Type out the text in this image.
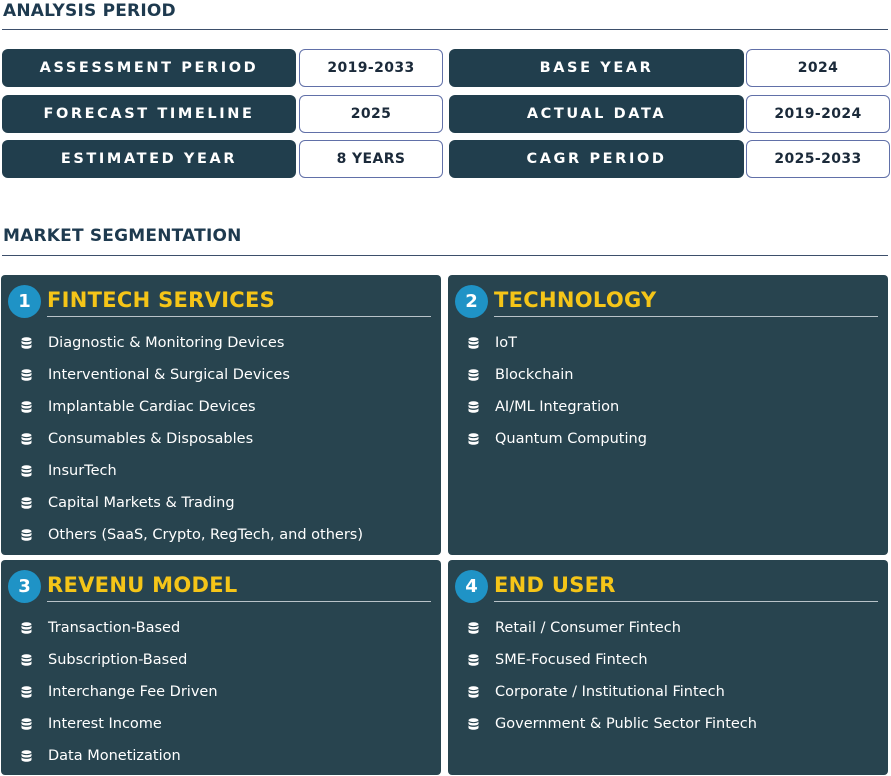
ANALYSIS PERIOD
ASSESSMENT PERIOD	2019-2033
FORECAST TIMELINE	2025
ESTIMATED YEAR	8 YEARS
BASE YEAR	2024
ACTUAL DATA	2019-2024
CAGR PERIOD	2025-2033
MARKET SEGMENTATION
1 FINTECH SERVICES
Diagnostic & Monitoring Devices
Interventional & Surgical Devices
Implantable Cardiac Devices
Consumables & Disposables
InsurTech
Capital Markets & Trading
Others (SaaS, Crypto, RegTech, and others)
2 TECHNOLOGY
IoT
Blockchain
AI/ML Integration
Quantum Computing
3 REVENU MODEL
Transaction-Based
Subscription-Based
Interchange Fee Driven
Interest Income
Data Monetization
4 END USER
Retail / Consumer Fintech
SME-Focused Fintech
Corporate / Institutional Fintech
Government & Public Sector Fintech
